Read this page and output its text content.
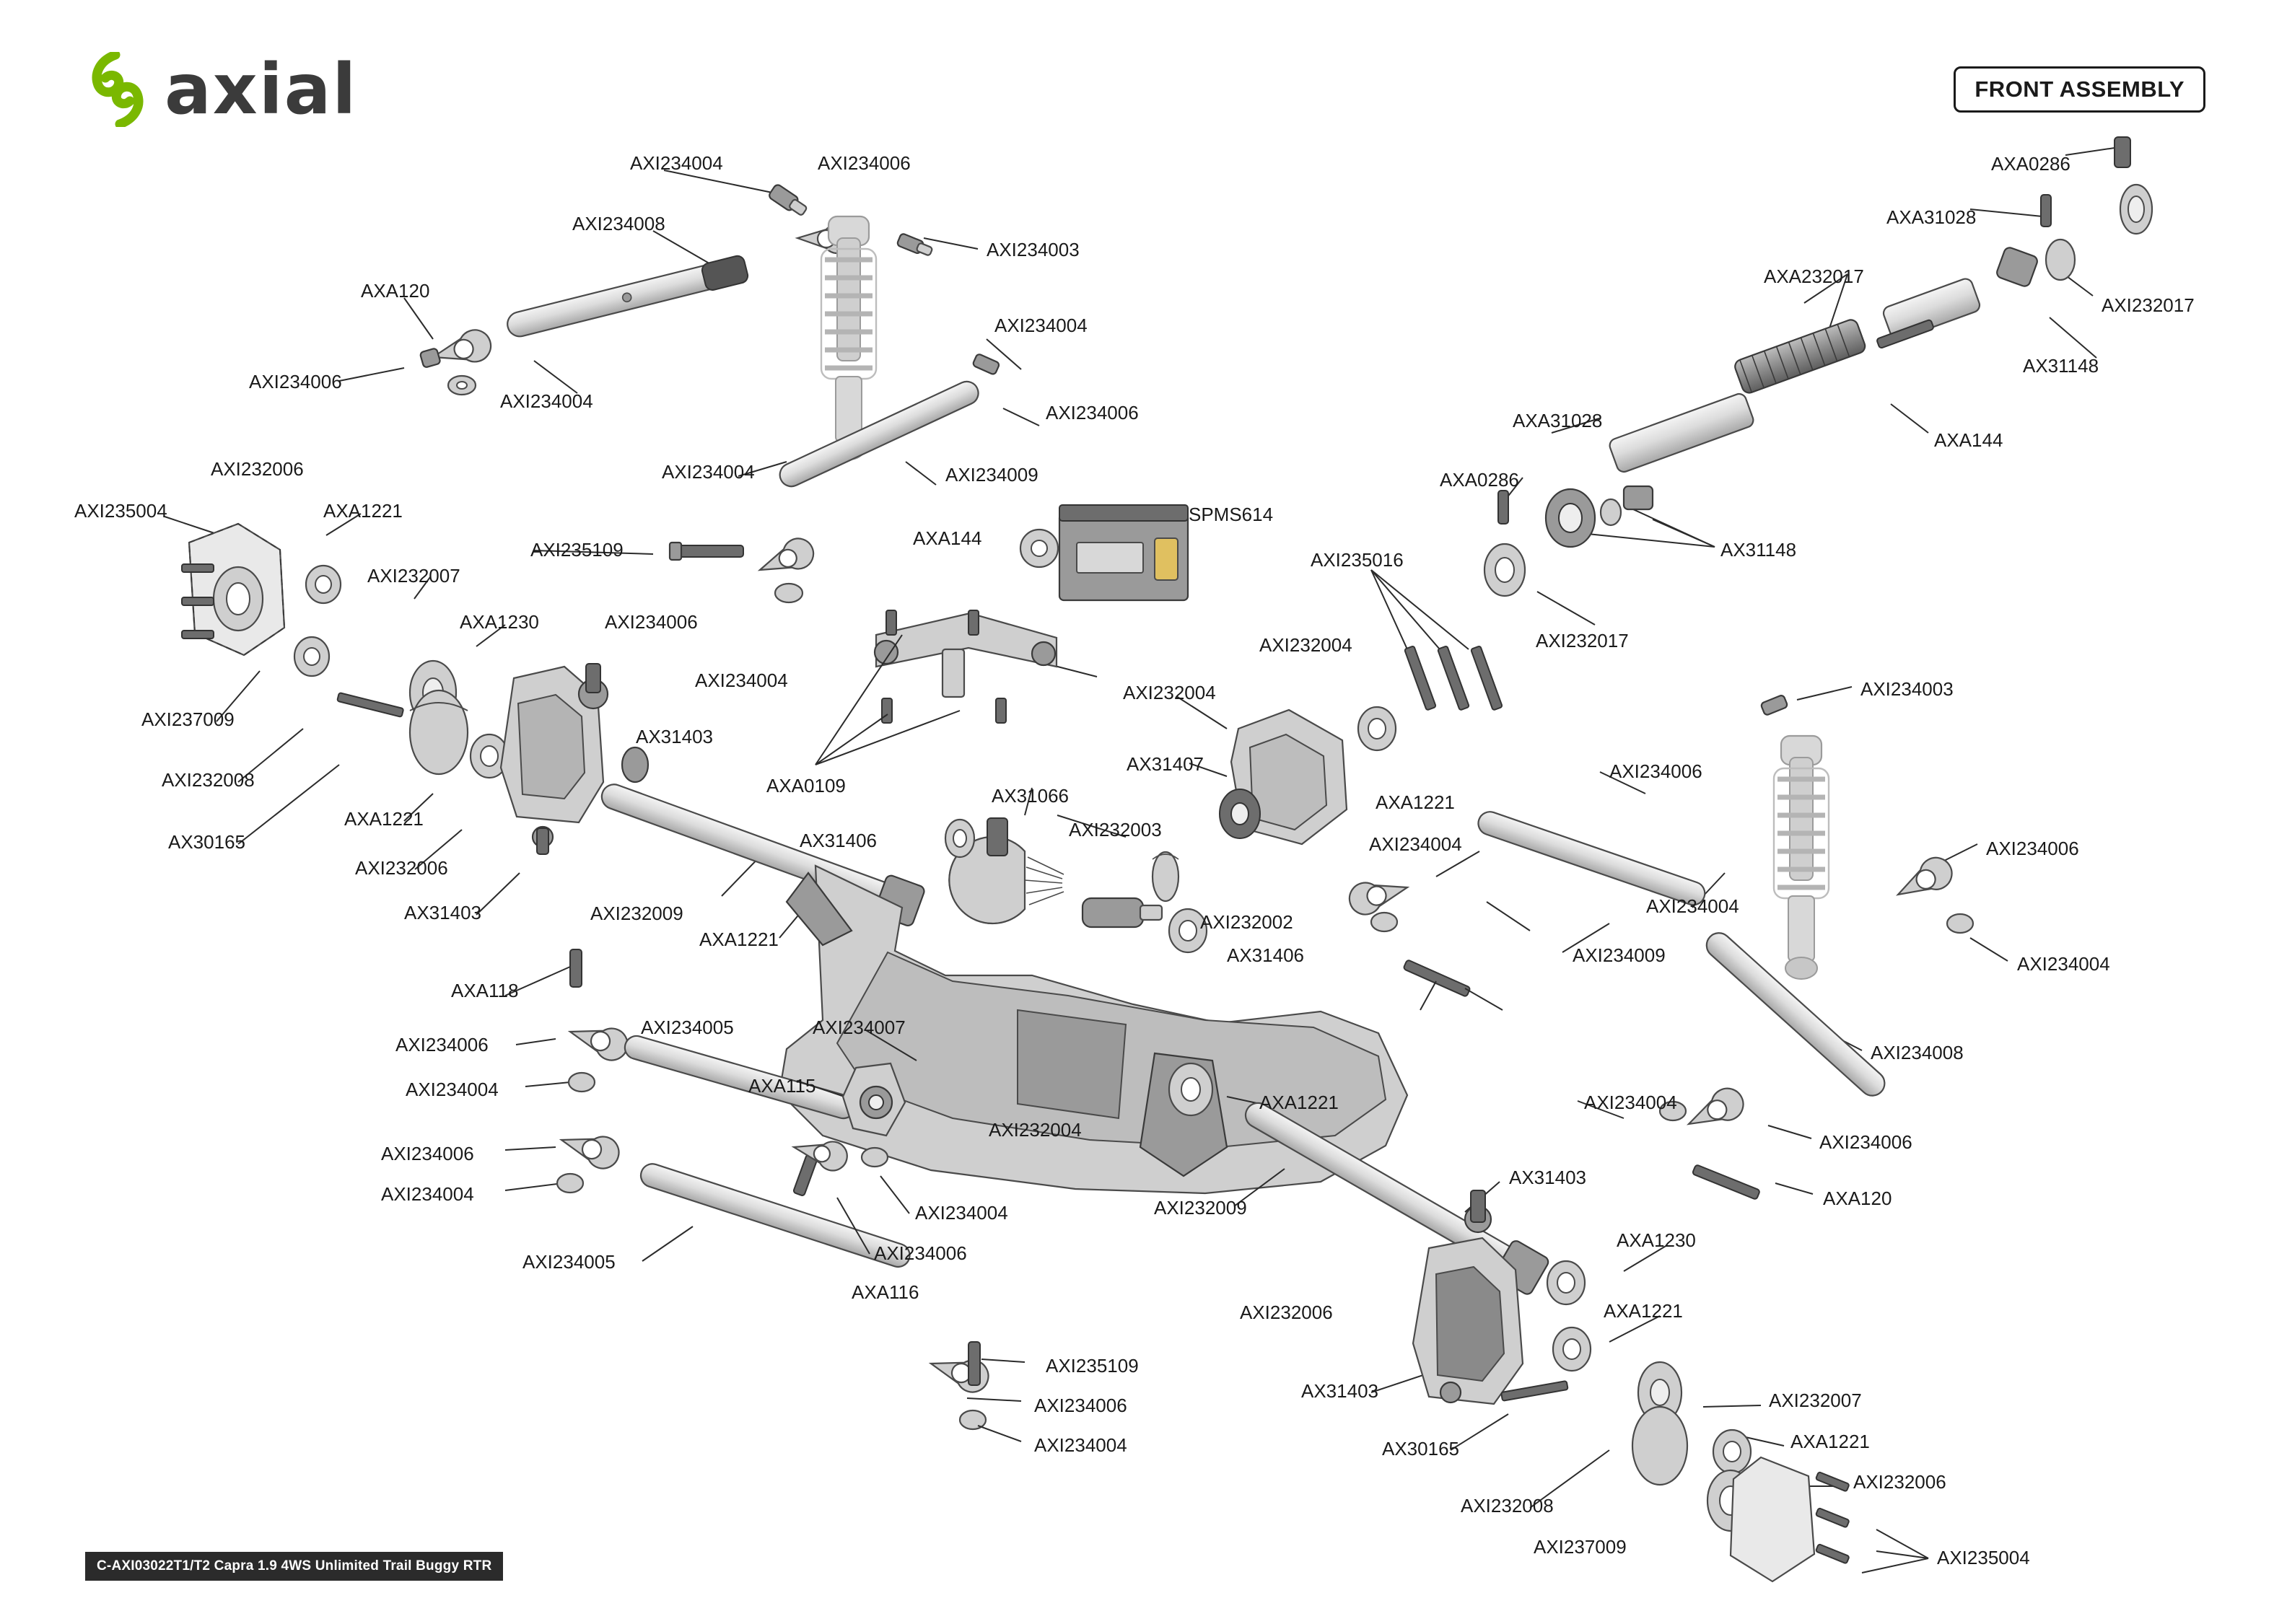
axial	FRONT ASSEMBLY
C-AXI03022T1/T2 Capra 1.9 4WS Unlimited Trail Buggy RTR
AXI234004	AXI234006
AXI234008
AXI234003
AXA120
AXI234004
AXI234006
AXI234004
AXI234006
AXI232006	AXI234004	AXI234009
AXI235004	AXA1221
AXI232007
AXI235109
AXA144
SPMS614
AXA1230	AXI234006
AXI237009
AXI234004
AXI232008
AXA1221
AX30165
AXI232006
AX31403
AX31403
AXA0109
AXI232004
AXI235016
AXI232004
AX31407
AXA1221
AXI234004
AX31066
AXI232003
AX31406
AXI232002
AX31406
AXI232009
AXA1221
AXA118
AXI234006
AXI234005	AXI234007
AXI234004	AXA115
AXI232004
AXA1221
AXI234006
AXI234004
AXI234004
AXI234006
AXA116
AXI234005
AXI232009
AX31403
AXA1230
AXI232006	AXA1221
AXI235109
AXI234006
AXI234004
AX31403
AX30165
AXI232007
AXA1221
AXI232008
AXI237009
AXI232006
AXI235004
AXA0286
AXA31028
AXA232017
AXI232017
AX31148
AXA31028
AXA144
AXA0286
AX31148
AXI232017
AXI234003
AXI234006
AXI234004
AXI234006
AXI234009	AXI234004
AXI234008
AXI234004
AXI234006
AXA120
